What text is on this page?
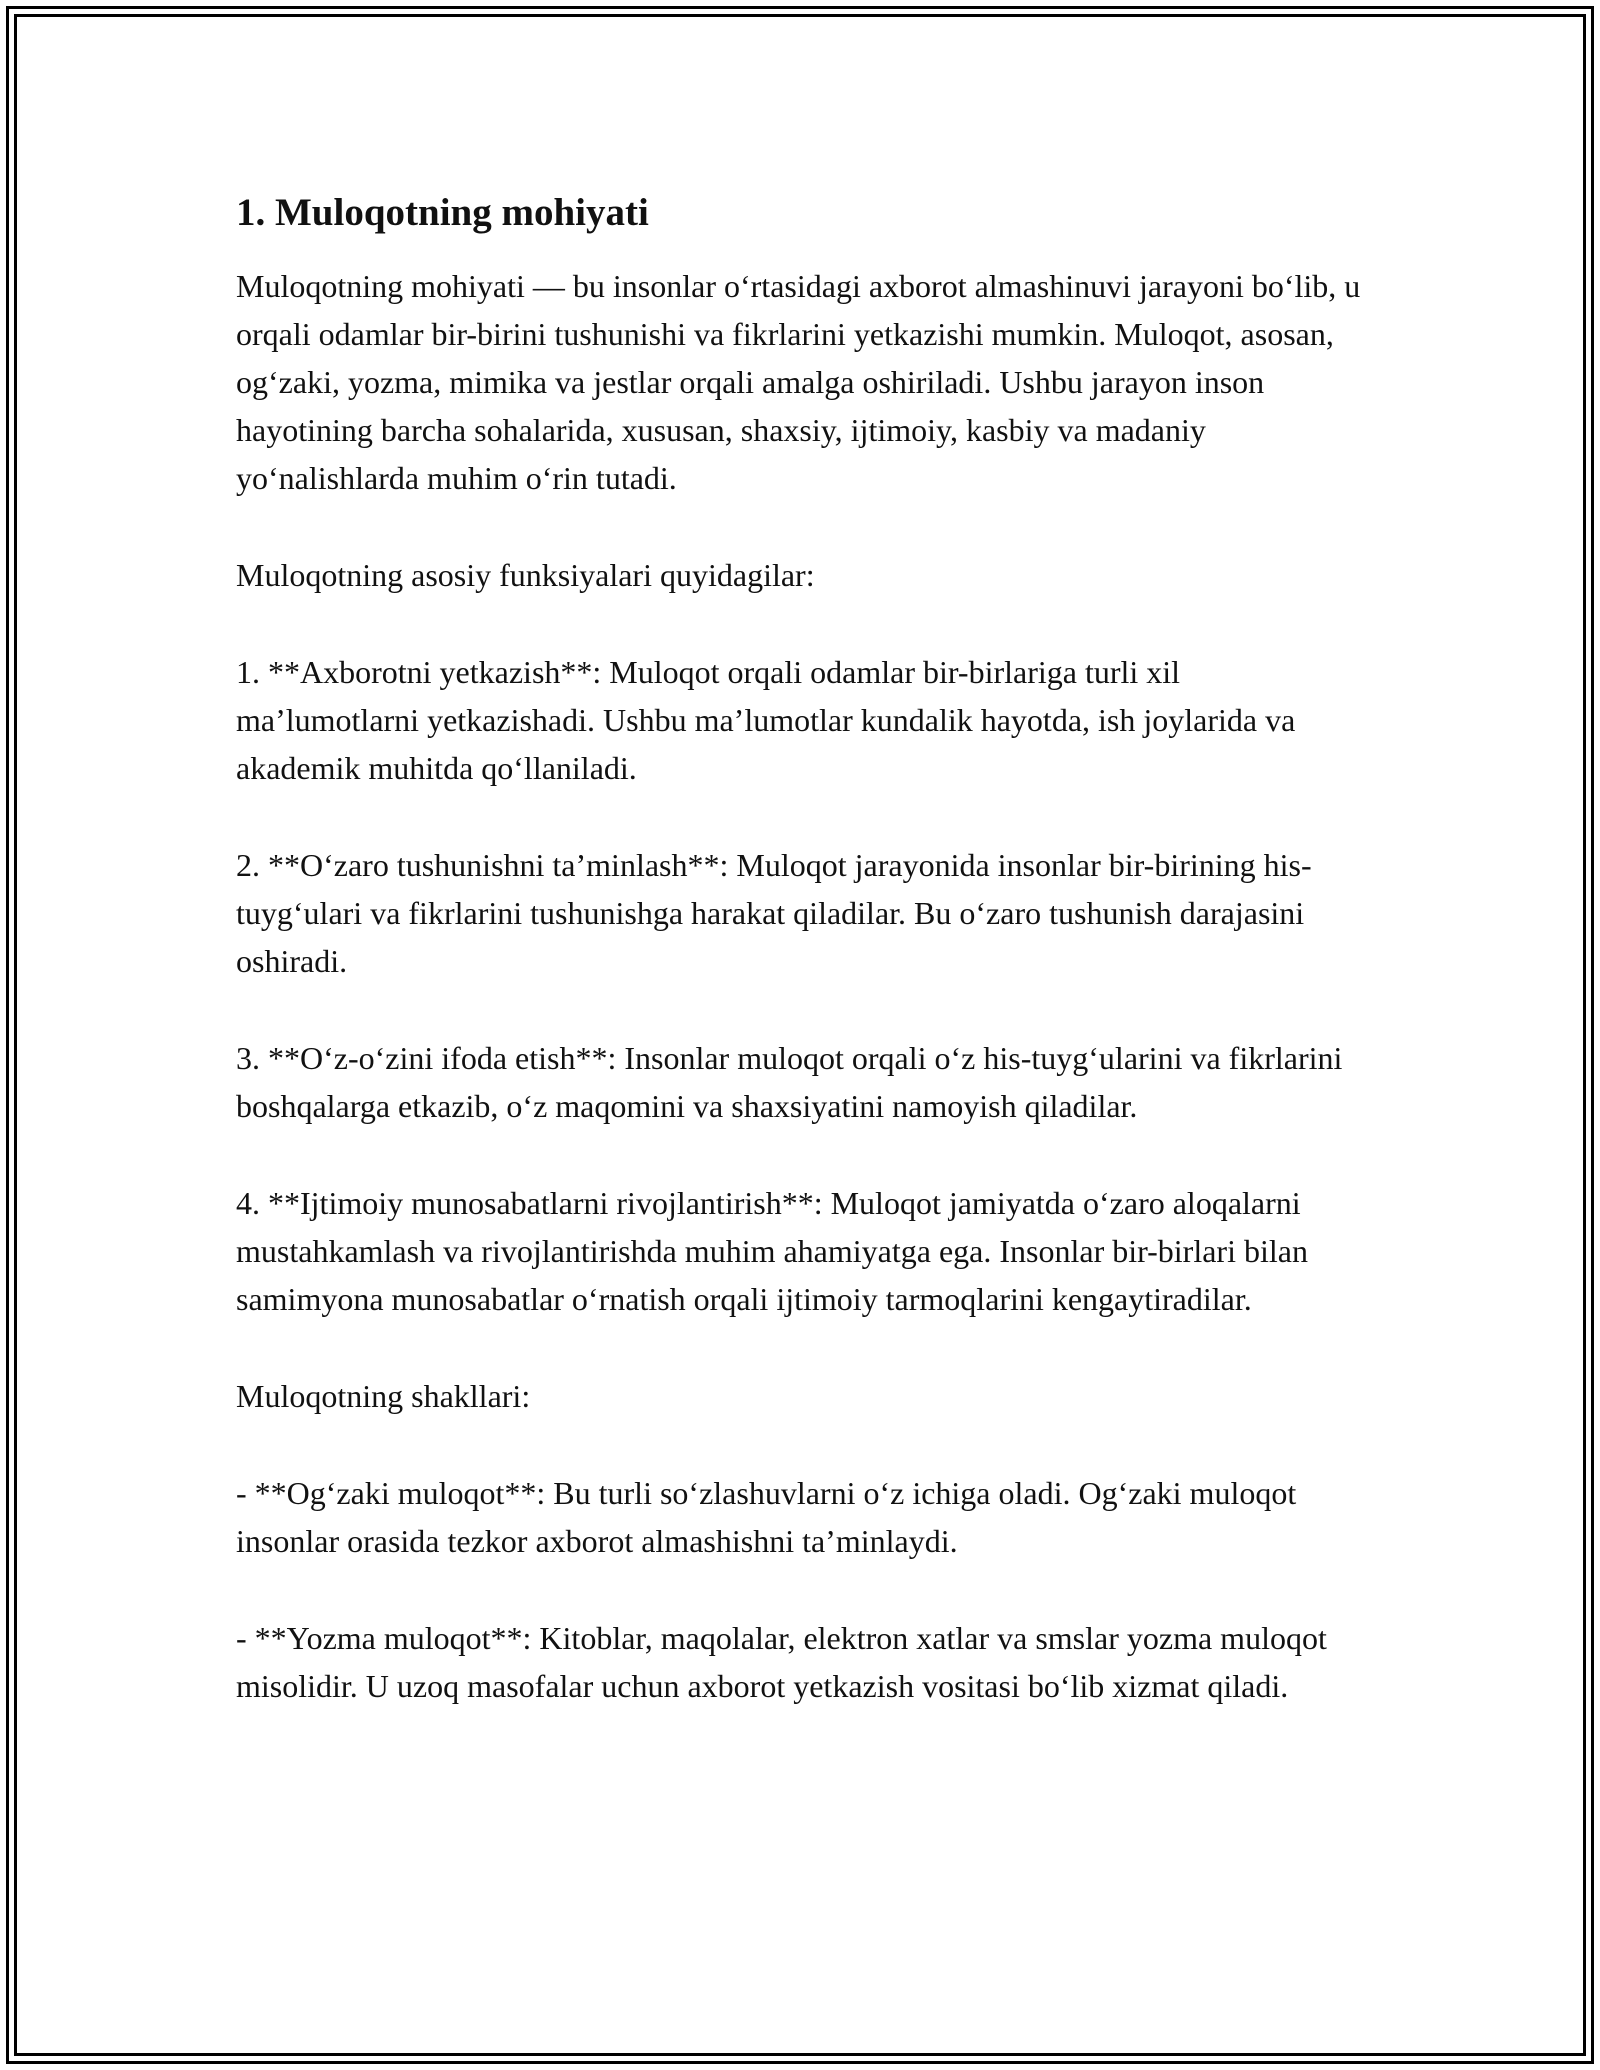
1. Muloqotning mohiyati

Muloqotning mohiyati — bu insonlar o‘rtasidagi axborot almashinuvi jarayoni bo‘lib, u orqali odamlar bir-birini tushunishi va fikrlarini yetkazishi mumkin. Muloqot, asosan, og‘zaki, yozma, mimika va jestlar orqali amalga oshiriladi. Ushbu jarayon inson hayotining barcha sohalarida, xususan, shaxsiy, ijtimoiy, kasbiy va madaniy yo‘nalishlarda muhim o‘rin tutadi.

Muloqotning asosiy funksiyalari quyidagilar:

1. **Axborotni yetkazish**: Muloqot orqali odamlar bir-birlariga turli xil ma’lumotlarni yetkazishadi. Ushbu ma’lumotlar kundalik hayotda, ish joylarida va akademik muhitda qo‘llaniladi.

2. **O‘zaro tushunishni ta’minlash**: Muloqot jarayonida insonlar bir-birining his-tuyg‘ulari va fikrlarini tushunishga harakat qiladilar. Bu o‘zaro tushunish darajasini oshiradi.

3. **O‘z-o‘zini ifoda etish**: Insonlar muloqot orqali o‘z his-tuyg‘ularini va fikrlarini boshqalarga etkazib, o‘z maqomini va shaxsiyatini namoyish qiladilar.

4. **Ijtimoiy munosabatlarni rivojlantirish**: Muloqot jamiyatda o‘zaro aloqalarni mustahkamlash va rivojlantirishda muhim ahamiyatga ega. Insonlar bir-birlari bilan samimyona munosabatlar o‘rnatish orqali ijtimoiy tarmoqlarini kengaytiradilar.

Muloqotning shakllari:

- **Og‘zaki muloqot**: Bu turli so‘zlashuvlarni o‘z ichiga oladi. Og‘zaki muloqot insonlar orasida tezkor axborot almashishni ta’minlaydi.

- **Yozma muloqot**: Kitoblar, maqolalar, elektron xatlar va smslar yozma muloqot misolidir. U uzoq masofalar uchun axborot yetkazish vositasi bo‘lib xizmat qiladi.
